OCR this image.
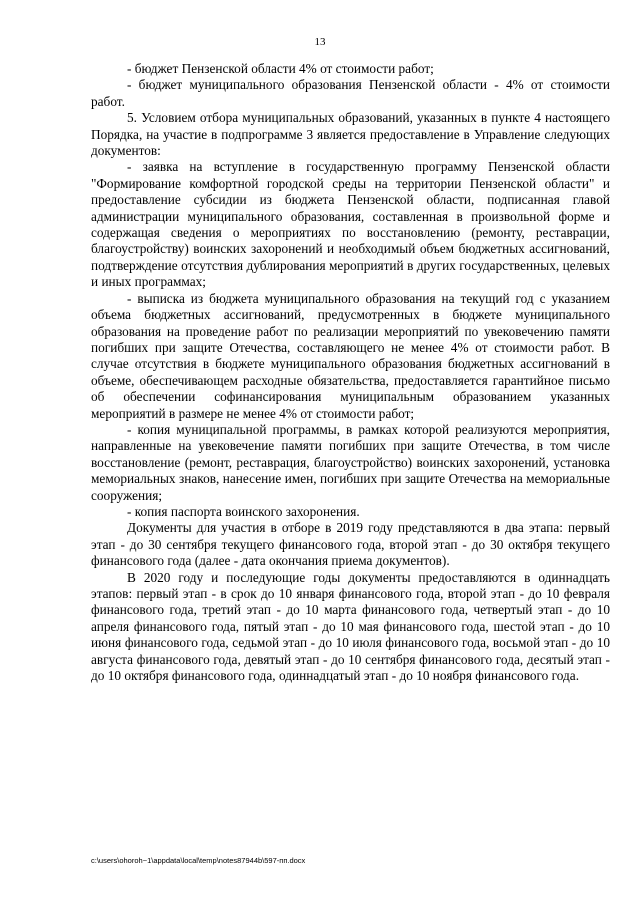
13

- бюджет Пензенской области 4% от стоимости работ;

- бюджет муниципального образования Пензенской области - 4% от стоимости работ.

5. Условием отбора муниципальных образований, указанных в пункте 4 настоящего Порядка, на участие в подпрограмме 3 является предоставление в Управление следующих документов:

- заявка на вступление в государственную программу Пензенской области "Формирование комфортной городской среды на территории Пензенской области" и предоставление субсидии из бюджета Пензенской области, подписанная главой администрации муниципального образования, составленная в произвольной форме и содержащая сведения о мероприятиях по восстановлению (ремонту, реставрации, благоустройству) воинских захоронений и необходимый объем бюджетных ассигнований, подтверждение отсутствия дублирования мероприятий в других государственных, целевых и иных программах;

- выписка из бюджета муниципального образования на текущий год с указанием объема бюджетных ассигнований, предусмотренных в бюджете муниципального образования на проведение работ по реализации мероприятий по увековечению памяти погибших при защите Отечества, составляющего не менее 4% от стоимости работ. В случае отсутствия в бюджете муниципального образования бюджетных ассигнований в объеме, обеспечивающем расходные обязательства, предоставляется гарантийное письмо об обеспечении софинансирования муниципальным образованием указанных мероприятий в размере не менее 4% от стоимости работ;

- копия муниципальной программы, в рамках которой реализуются мероприятия, направленные на увековечение памяти погибших при защите Отечества, в том числе восстановление (ремонт, реставрация, благоустройство) воинских захоронений, установка мемориальных знаков, нанесение имен, погибших при защите Отечества на мемориальные сооружения;

- копия паспорта воинского захоронения.

Документы для участия в отборе в 2019 году представляются в два этапа: первый этап - до 30 сентября текущего финансового года, второй этап - до 30 октября текущего финансового года (далее - дата окончания приема документов).

В 2020 году и последующие годы документы предоставляются в одиннадцать этапов: первый этап - в срок до 10 января финансового года, второй этап - до 10 февраля финансового года, третий этап - до 10 марта финансового года, четвертый этап - до 10 апреля финансового года, пятый этап - до 10 мая финансового года, шестой этап - до 10 июня финансового года, седьмой этап - до 10 июля финансового года, восьмой этап - до 10 августа финансового года, девятый этап - до 10 сентября финансового года, десятый этап - до 10 октября финансового года, одиннадцатый этап - до 10 ноября финансового года.

c:\users\ohoroh~1\appdata\local\temp\notes87944b\597-пп.docx
